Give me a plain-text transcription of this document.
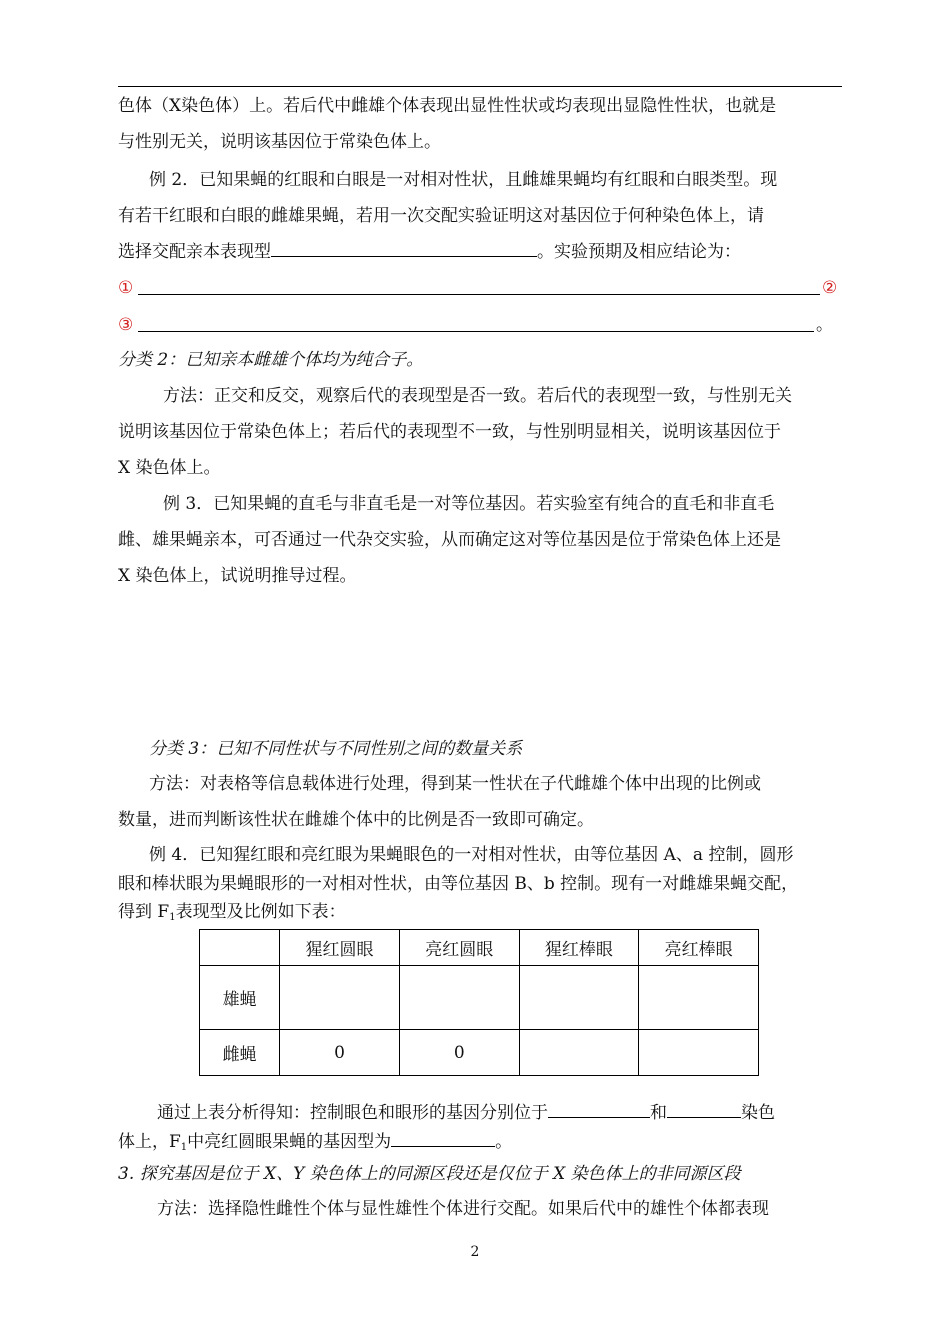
色体（X染色体）上。若后代中雌雄个体表现出显性性状或均表现出显隐性性状，也就是
与性别无关，说明该基因位于常染色体上。
例 2．已知果蝇的红眼和白眼是一对相对性状，且雌雄果蝇均有红眼和白眼类型。现
有若干红眼和白眼的雌雄果蝇，若用一次交配实验证明这对基因位于何种染色体上，请
选择交配亲本表现型	。实验预期及相应结论为：
①	②
③	。
分类 2：已知亲本雌雄个体均为纯合子。
方法：正交和反交，观察后代的表现型是否一致。若后代的表现型一致，与性别无关
说明该基因位于常染色体上；若后代的表现型不一致，与性别明显相关，说明该基因位于
X 染色体上。
例 3．已知果蝇的直毛与非直毛是一对等位基因。若实验室有纯合的直毛和非直毛
雌、雄果蝇亲本，可否通过一代杂交实验，从而确定这对等位基因是位于常染色体上还是
X 染色体上，试说明推导过程。
分类 3：已知不同性状与不同性别之间的数量关系
方法：对表格等信息载体进行处理，得到某一性状在子代雌雄个体中出现的比例或
数量，进而判断该性状在雌雄个体中的比例是否一致即可确定。
例 4．已知猩红眼和亮红眼为果蝇眼色的一对相对性状，由等位基因 A、a 控制，圆形
眼和棒状眼为果蝇眼形的一对相对性状，由等位基因 B、b 控制。现有一对雌雄果蝇交配，
得到 $F_1$表现型及比例如下表：
	猩红圆眼	亮红圆眼	猩红棒眼	亮红棒眼
雄蝇				
雌蝇	0	0		
通过上表分析得知：控制眼色和眼形的基因分别位于	和	染色
体上，$F_1$中亮红圆眼果蝇的基因型为	。
3. 探究基因是位于 X、Y 染色体上的同源区段还是仅位于 X 染色体上的非同源区段
方法：选择隐性雌性个体与显性雄性个体进行交配。如果后代中的雄性个体都表现
2
